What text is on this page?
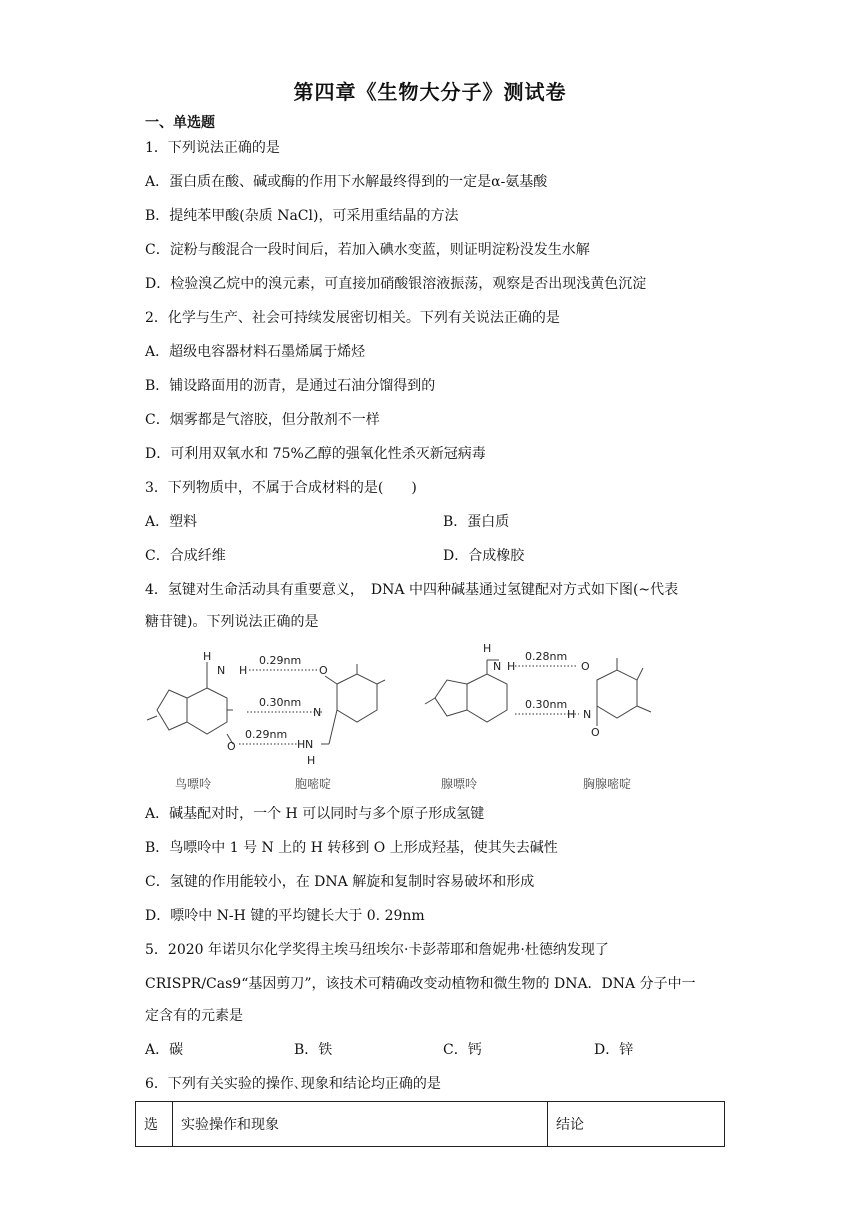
第四章《生物大分子》测试卷
一、单选题
1．下列说法正确的是
A．蛋白质在酸、碱或酶的作用下水解最终得到的一定是α-氨基酸
B．提纯苯甲酸(杂质 NaCl)，可采用重结晶的方法
C．淀粉与酸混合一段时间后，若加入碘水变蓝，则证明淀粉没发生水解
D．检验溴乙烷中的溴元素，可直接加硝酸银溶液振荡，观察是否出现浅黄色沉淀
2．化学与生产、社会可持续发展密切相关。下列有关说法正确的是
A．超级电容器材料石墨烯属于烯烃
B．铺设路面用的沥青，是通过石油分馏得到的
C．烟雾都是气溶胶，但分散剂不一样
D．可利用双氧水和 75%乙醇的强氧化性杀灭新冠病毒
3．下列物质中，不属于合成材料的是(　　)
A．塑料	B．蛋白质
C．合成纤维	D．合成橡胶
4．氢键对生命活动具有重要意义，　DNA 中四种碱基通过氢键配对方式如下图(~代表
糖苷键)。下列说法正确的是
0.29nm
0.30nm
0.29nm
0.28nm
0.30nm
H
N H	O
N
O	H N
H
H
N H	O
H N
O
鸟嘌呤	胞嘧啶	腺嘌呤	胸腺嘧啶
A．碱基配对时，一个 H 可以同时与多个原子形成氢键
B．鸟嘌呤中 1 号 N 上的 H 转移到 O 上形成羟基，使其失去碱性
C．氢键的作用能较小，在 DNA 解旋和复制时容易破坏和形成
D．嘌呤中 N-H 键的平均键长大于 0. 29nm
5．2020 年诺贝尔化学奖得主埃马纽埃尔·卡彭蒂耶和詹妮弗·杜德纳发现了
CRISPR/Cas9“基因剪刀”，该技术可精确改变动植物和微生物的 DNA．DNA 分子中一
定含有的元素是
A．碳	B．铁	C．钙	D．锌
6．下列有关实验的操作､现象和结论均正确的是
选	实验操作和现象	结论
